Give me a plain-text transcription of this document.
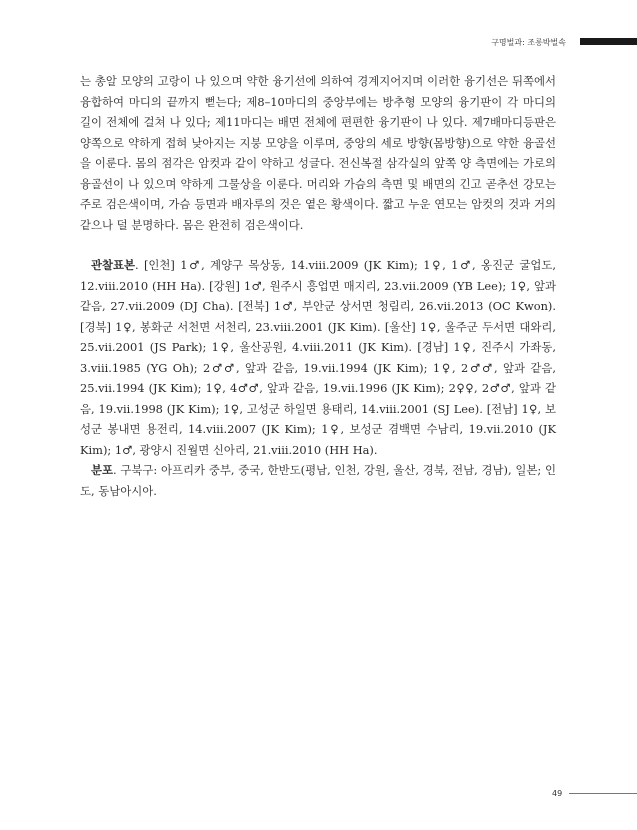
구명벌과: 조롱박벌속

는 총알 모양의 고랑이 나 있으며 약한 융기선에 의하여 경계지어지며 이러한 융기선은 뒤쪽에서 융합하여 마디의 끝까지 뻗는다; 제8–10마디의 중앙부에는 방추형 모양의 융기판이 각 마디의 길이 전체에 걸쳐 나 있다; 제11마디는 배면 전체에 편편한 융기판이 나 있다. 제7배마디등판은 양쪽으로 약하게 접혀 낮아지는 지붕 모양을 이루며, 중앙의 세로 방향(몸방향)으로 약한 융골선을 이룬다. 몸의 점각은 암컷과 같이 약하고 성글다. 전신복절 삼각실의 앞쪽 양 측면에는 가로의 융골선이 나 있으며 약하게 그물상을 이룬다. 머리와 가슴의 측면 및 배면의 긴고 곧추선 강모는 주로 검은색이며, 가슴 등면과 배자루의 것은 옅은 황색이다. 짧고 누운 연모는 암컷의 것과 거의 같으나 덜 분명하다. 몸은 완전히 검은색이다.

관찰표본. [인천] 1♂, 계양구 목상동, 14.viii.2009 (JK Kim); 1♀, 1♂, 옹진군 굴업도, 12.viii.2010 (HH Ha). [강원] 1♂, 원주시 흥업면 매지리, 23.vii.2009 (YB Lee); 1♀, 앞과 같음, 27.vii.2009 (DJ Cha). [전북] 1♂, 부안군 상서면 청림리, 26.vii.2013 (OC Kwon). [경북] 1♀, 봉화군 서천면 서천리, 23.viii.2001 (JK Kim). [울산] 1♀, 울주군 두서면 대와리, 25.vii.2001 (JS Park); 1♀, 울산공원, 4.viii.2011 (JK Kim). [경남] 1♀, 진주시 가좌동, 3.viii.1985 (YG Oh); 2♂♂, 앞과 같음, 19.vii.1994 (JK Kim); 1♀, 2♂♂, 앞과 같음, 25.vii.1994 (JK Kim); 1♀, 4♂♂, 앞과 같음, 19.vii.1996 (JK Kim); 2♀♀, 2♂♂, 앞과 같음, 19.vii.1998 (JK Kim); 1♀, 고성군 하일면 용태리, 14.viii.2001 (SJ Lee). [전남] 1♀, 보성군 봉내면 용전리, 14.viii.2007 (JK Kim); 1♀, 보성군 겸백면 수남리, 19.vii.2010 (JK Kim); 1♂, 광양시 진월면 신아리, 21.viii.2010 (HH Ha).

분포. 구북구: 아프리카 중부, 중국, 한반도(평남, 인천, 강원, 울산, 경북, 전남, 경남), 일본; 인도, 동남아시아.

49
